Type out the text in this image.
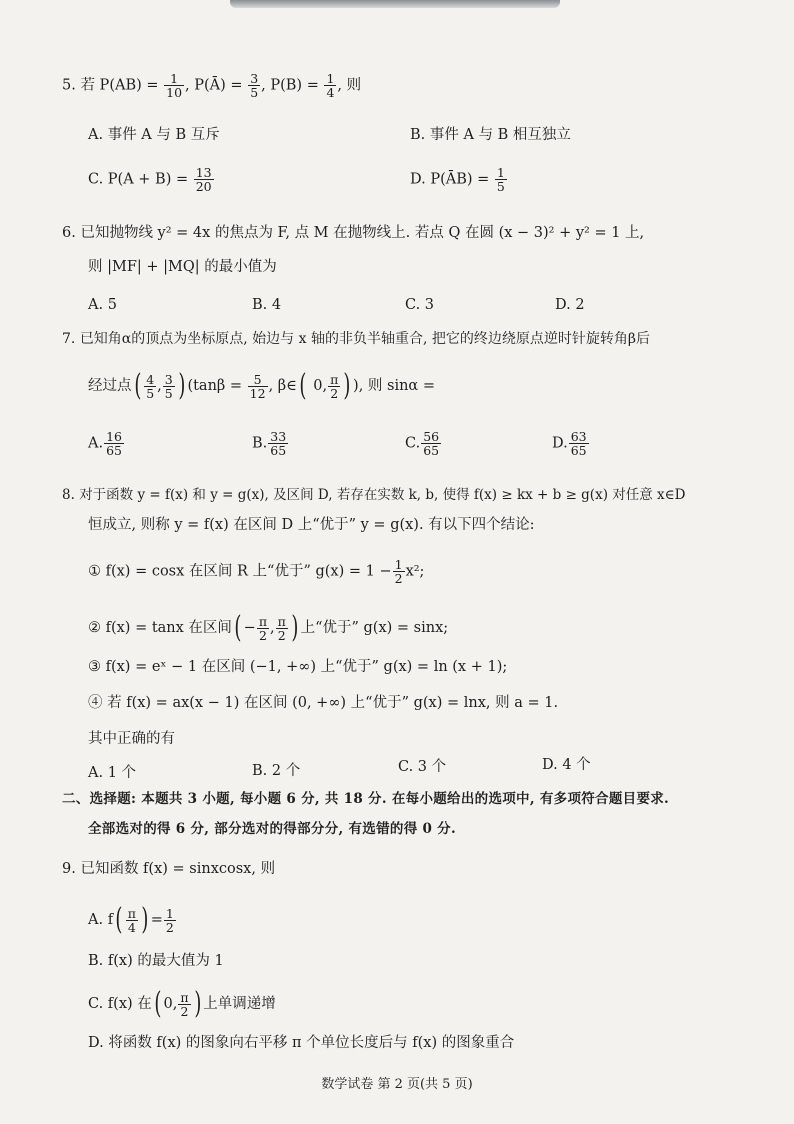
5. 若 $P(AB) = \frac{1}{10}$ , P(Ā) = $\frac{3}{5}$ , $P(B) = \frac{1}{4}$ , 则
A. 事件 A 与 B 互斥	B. 事件 A 与 B 相互独立
C. $P(A + B) = \frac{13}{20}$	D. P(ĀB) = $\frac{1}{5}$
6. 已知抛物线 y² = 4x 的焦点为 F, 点 M 在抛物线上. 若点 Q 在圆 (x − 3)² + y² = 1 上,
则 |MF| + |MQ| 的最小值为
A. 5	B. 4	C. 3	D. 2
7. 已知角α的顶点为坐标原点, 始边与 x 轴的非负半轴重合, 把它的终边绕原点逆时针旋转角β后
经过点( $\frac{4}{5}$ , $\frac{3}{5}$ ) ($\tan\beta = \frac{5}{12}$ , β∈( 0, $\frac{\pi}{2}$ ) ), 则 sinα =
A. $\frac{16}{65}$	B. $\frac{33}{65}$	C. $\frac{56}{65}$	D. $\frac{63}{65}$
8. 对于函数 y = f(x) 和 y = g(x), 及区间 D, 若存在实数 k, b, 使得 f(x) ≥ kx + b ≥ g(x) 对任意 x∈D
恒成立, 则称 y = f(x) 在区间 D 上“优于” y = g(x). 有以下四个结论:
① f(x) = cosx 在区间 R 上“优于” $g(x) = 1 - \frac{1}{2} x^2$;
② f(x) = tanx 在区间( − $\frac{\pi}{2}$ , $\frac{\pi}{2}$ ) 上“优于” g(x) = sinx;
③ f(x) = eˣ − 1 在区间 (−1, +∞) 上“优于” g(x) = ln (x + 1);
④ 若 f(x) = ax(x − 1) 在区间 (0, +∞) 上“优于” g(x) = lnx, 则 a = 1.
其中正确的有
A. 1 个	B. 2 个	C. 3 个	D. 4 个
二、选择题: 本题共 3 小题, 每小题 6 分, 共 18 分. 在每小题给出的选项中, 有多项符合题目要求.
全部选对的得 6 分, 部分选对的得部分分, 有选错的得 0 分.
9. 已知函数 f(x) = sinxcosx, 则
A. $f( \frac{\pi}{4}$ ) = $\frac{1}{2}$
B. f(x) 的最大值为 1
C. f(x) 在( 0, $\frac{\pi}{2}$ ) 上单调递增
D. 将函数 f(x) 的图象向右平移 π 个单位长度后与 f(x) 的图象重合
数学试卷 第 2 页(共 5 页)
